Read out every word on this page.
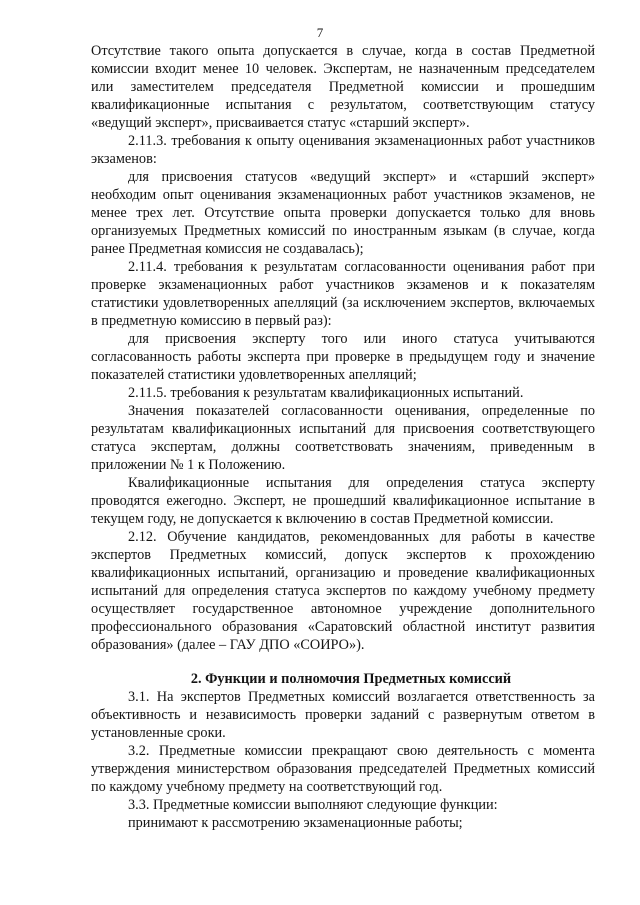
7

Отсутствие такого опыта допускается в случае, когда в состав Предметной комиссии входит менее 10 человек. Экспертам, не назначенным председателем или заместителем председателя Предметной комиссии и прошедшим квалификационные испытания с результатом, соответствующим статусу «ведущий эксперт», присваивается статус «старший эксперт».

2.11.3. требования к опыту оценивания экзаменационных работ участников экзаменов:

для присвоения статусов «ведущий эксперт» и «старший эксперт» необходим опыт оценивания экзаменационных работ участников экзаменов, не менее трех лет. Отсутствие опыта проверки допускается только для вновь организуемых Предметных комиссий по иностранным языкам (в случае, когда ранее Предметная комиссия не создавалась);

2.11.4. требования к результатам согласованности оценивания работ при проверке экзаменационных работ участников экзаменов и к показателям статистики удовлетворенных апелляций (за исключением экспертов, включаемых в предметную комиссию в первый раз):

для присвоения эксперту того или иного статуса учитываются согласованность работы эксперта при проверке в предыдущем году и значение показателей статистики удовлетворенных апелляций;

2.11.5. требования к результатам квалификационных испытаний.

Значения показателей согласованности оценивания, определенные по результатам квалификационных испытаний для присвоения соответствующего статуса экспертам, должны соответствовать значениям, приведенным в приложении № 1 к Положению.

Квалификационные испытания для определения статуса эксперту проводятся ежегодно. Эксперт, не прошедший квалификационное испытание в текущем году, не допускается к включению в состав Предметной комиссии.

2.12. Обучение кандидатов, рекомендованных для работы в качестве экспертов Предметных комиссий, допуск экспертов к прохождению квалификационных испытаний, организацию и проведение квалификационных испытаний для определения статуса экспертов по каждому учебному предмету осуществляет государственное автономное учреждение дополнительного профессионального образования «Саратовский областной институт развития образования» (далее – ГАУ ДПО «СОИРО»).

2. Функции и полномочия Предметных комиссий

3.1. На экспертов Предметных комиссий возлагается ответственность за объективность и независимость проверки заданий с развернутым ответом в установленные сроки.

3.2. Предметные комиссии прекращают свою деятельность с момента утверждения министерством образования председателей Предметных комиссий по каждому учебному предмету на соответствующий год.

3.3. Предметные комиссии выполняют следующие функции:

принимают к рассмотрению экзаменационные работы;
